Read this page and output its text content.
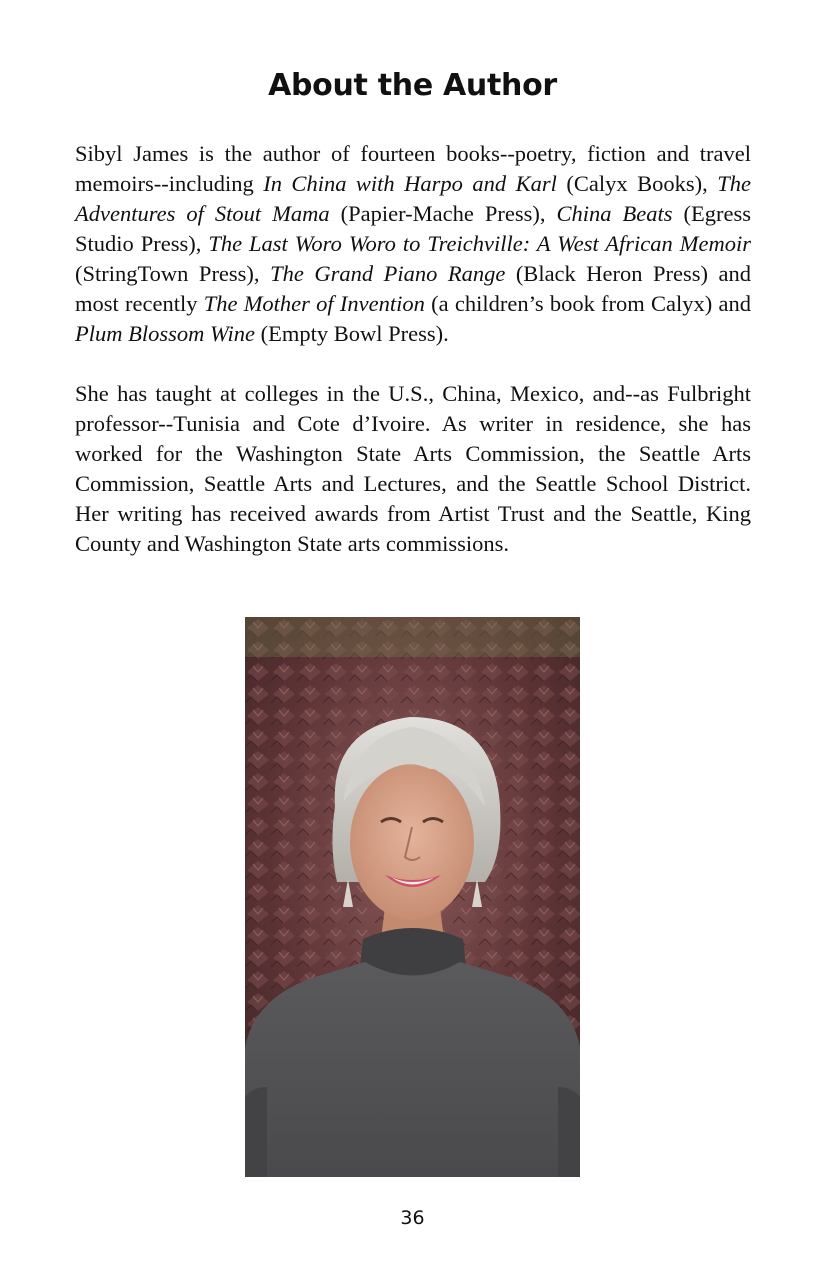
About the Author

Sibyl James is the author of fourteen books--poetry, fiction and travel memoirs--including In China with Harpo and Karl (Calyx Books), The Adventures of Stout Mama (Papier-Mache Press), China Beats (Egress Studio Press), The Last Woro Woro to Treichville: A West African Memoir (StringTown Press), The Grand Piano Range (Black Heron Press) and most recently The Mother of Invention (a children’s book from Calyx) and Plum Blossom Wine (Empty Bowl Press).

She has taught at colleges in the U.S., China, Mexico, and--as Fulbright professor--Tunisia and Cote d’Ivoire. As writer in residence, she has worked for the Washington State Arts Commission, the Seattle Arts Commission, Seattle Arts and Lectures, and the Seattle School District. Her writing has received awards from Artist Trust and the Seattle, King County and Washington State arts commissions.

36
